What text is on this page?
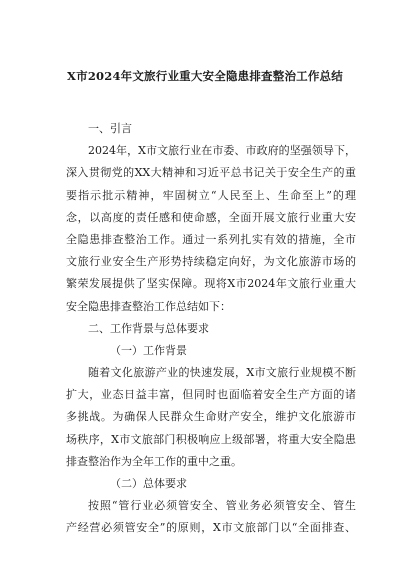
X市2024年文旅行业重大安全隐患排查整治工作总结
一、引言
2024年，X市文旅行业在市委、市政府的坚强领导下，
深入贯彻党的XX大精神和习近平总书记关于安全生产的重
要指示批示精神，牢固树立“人民至上、生命至上”的理
念，以高度的责任感和使命感，全面开展文旅行业重大安
全隐患排查整治工作。通过一系列扎实有效的措施，全市
文旅行业安全生产形势持续稳定向好，为文化旅游市场的
繁荣发展提供了坚实保障。现将X市2024年文旅行业重大
安全隐患排查整治工作总结如下：
二、工作背景与总体要求
（一）工作背景
随着文化旅游产业的快速发展，X市文旅行业规模不断
扩大，业态日益丰富，但同时也面临着安全生产方面的诸
多挑战。为确保人民群众生命财产安全，维护文化旅游市
场秩序，X市文旅部门积极响应上级部署，将重大安全隐患
排查整治作为全年工作的重中之重。
（二）总体要求
按照“管行业必须管安全、管业务必须管安全、管生
产经营必须管安全”的原则，X市文旅部门以“全面排查、
